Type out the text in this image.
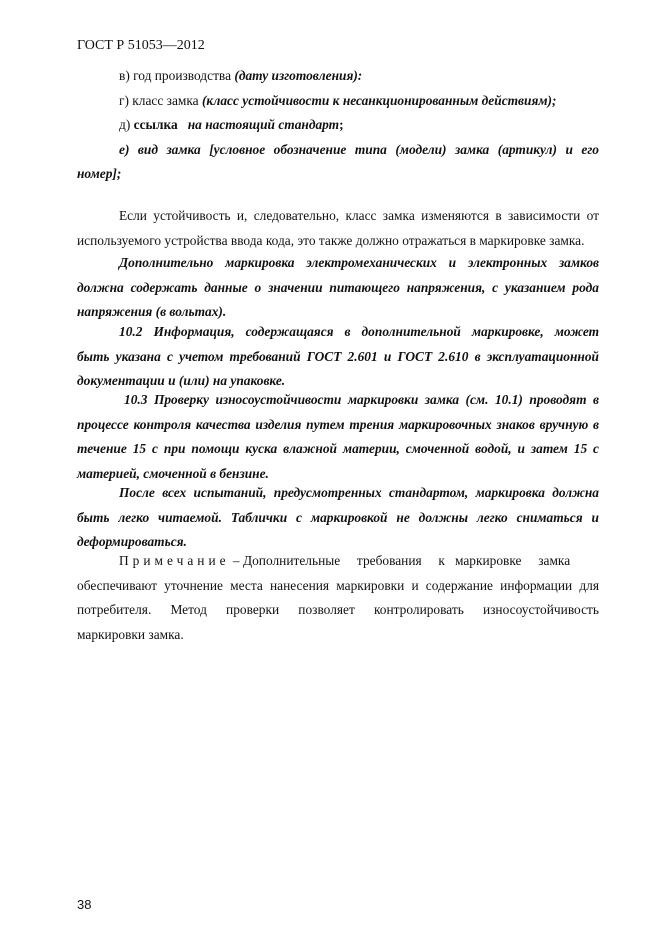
ГОСТ Р 51053—2012
в) год производства (дату изготовления):
г) класс замка (класс устойчивости к несанкционированным действиям);
д) ссылка   на настоящий стандарт;
е) вид замка [условное обозначение типа (модели) замка (артикул) и его
номер];
Если устойчивость и, следовательно, класс замка изменяются в зависимости от
используемого устройства ввода кода, это также должно отражаться в маркировке замка.
Дополнительно маркировка электромеханических и электронных замков
должна содержать данные о значении питающего напряжения, с указанием рода
напряжения (в вольтах).
10.2 Информация, содержащаяся в дополнительной маркировке, может
быть указана с учетом требований ГОСТ 2.601 и ГОСТ 2.610 в эксплуатационной
документации и (или) на упаковке.
10.3 Проверку износоустойчивости маркировки замка (см. 10.1) проводят в
процессе контроля качества изделия путем трения маркировочных знаков вручную в
течение 15 с при помощи куска влажной материи, смоченной водой, и затем 15 с
материей, смоченной в бензине.
После всех испытаний, предусмотренных стандартом, маркировка должна
быть легко читаемой. Таблички с маркировкой не должны легко сниматься и
деформироваться.
Примечание – Дополнительные     требования     к   маркировке     замка
обеспечивают уточнение места нанесения маркировки и содержание информации для
потребителя. Метод проверки позволяет контролировать износоустойчивость
маркировки замка.
38
